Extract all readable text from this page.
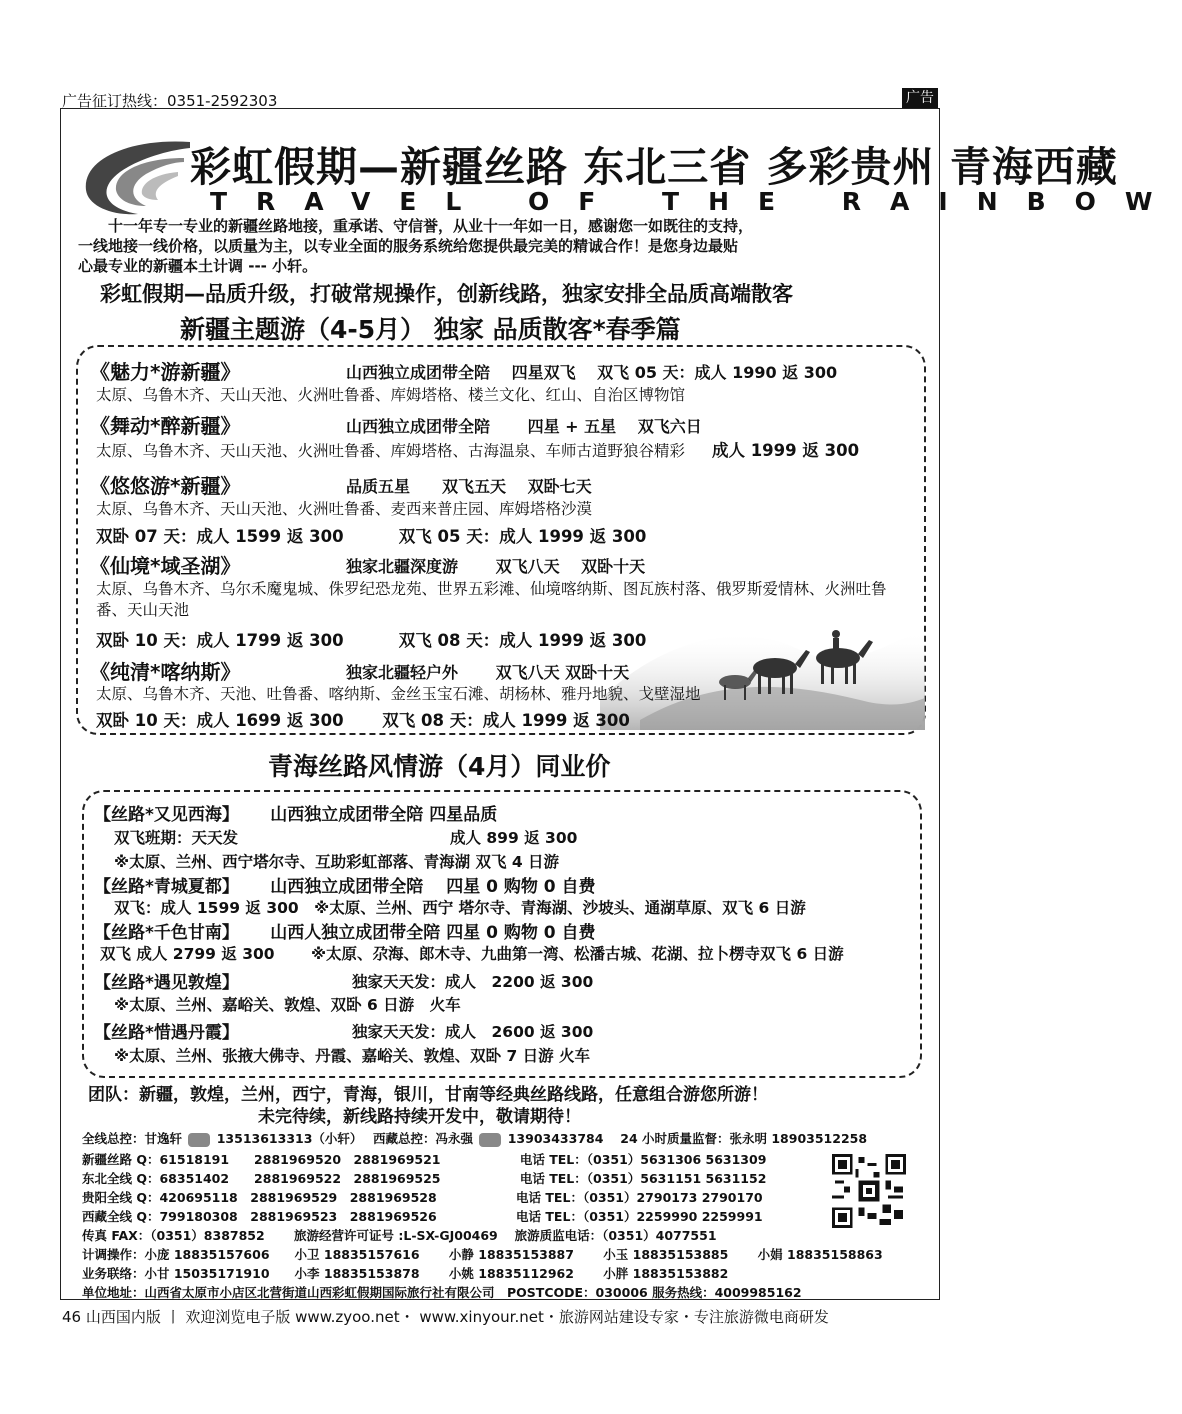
广告征订热线：0351-2592303	广告
彩虹假期—新疆丝路 东北三省 多彩贵州 青海西藏
TRAVEL OF THE RAINBOW

十一年专一专业的新疆丝路地接，重承诺、守信誉，从业十一年如一日，感谢您一如既往的支持，

一线地接一线价格，以质量为主，以专业全面的服务系统给您提供最完美的精诚合作！是您身边最贴

心最专业的新疆本土计调 --- 小轩。

彩虹假期—品质升级，打破常规操作，创新线路，独家安排全品质高端散客
新疆主题游（4-5月） 独家 品质散客*春季篇
《魅力*游新疆》	山西独立成团带全陪　 四星双飞　 双飞 05 天：成人 1990 返 300
太原、乌鲁木齐、天山天池、火洲吐鲁番、库姆塔格、楼兰文化、红山、自治区博物馆
《舞动*醉新疆》	山西独立成团带全陪　　 四星 + 五星　 双飞六日
太原、乌鲁木齐、天山天池、火洲吐鲁番、库姆塔格、古海温泉、车师古道野狼谷精彩 成人 1999 返 300
《悠悠游*新疆》	品质五星　　双飞五天　 双卧七天
太原、乌鲁木齐、天山天池、火洲吐鲁番、麦西来普庄园、库姆塔格沙漠
双卧 07 天：成人 1599 返 300　　　 双飞 05 天：成人 1999 返 300
《仙境*域圣湖》	独家北疆深度游　　 双飞八天　 双卧十天
太原、乌鲁木齐、乌尔禾魔鬼城、侏罗纪恐龙苑、世界五彩滩、仙境喀纳斯、图瓦族村落、俄罗斯爱情林、火洲吐鲁番、天山天池
双卧 10 天：成人 1799 返 300　　　 双飞 08 天：成人 1999 返 300
《纯清*喀纳斯》	独家北疆轻户外　　 双飞八天 双卧十天
太原、乌鲁木齐、天池、吐鲁番、喀纳斯、金丝玉宝石滩、胡杨林、雅丹地貌、戈壁湿地
双卧 10 天：成人 1699 返 300　　 双飞 08 天：成人 1999 返 300
青海丝路风情游（4月）同业价
【丝路*又见西海】　　 山西独立成团带全陪 四星品质
双飞班期：天天发	成人 899 返 300
※太原、兰州、西宁塔尔寺、互助彩虹部落、青海湖 双飞 4 日游
【丝路*青城夏都】　　 山西独立成团带全陪　 四星 0 购物 0 自费
双飞：成人 1599 返 300　※太原、兰州、西宁 塔尔寺、青海湖、沙坡头、通湖草原、双飞 6 日游
【丝路*千色甘南】　　 山西人独立成团带全陪 四星 0 购物 0 自费
双飞 成人 2799 返 300　　 ※太原、尕海、郎木寺、九曲第一湾、松潘古城、花湖、拉卜楞寺双飞 6 日游
【丝路*遇见敦煌】	独家天天发：成人　2200 返 300
※太原、兰州、嘉峪关、敦煌、双卧 6 日游　火车
【丝路*惜遇丹霞】	独家天天发：成人　2600 返 300
※太原、兰州、张掖大佛寺、丹霞、嘉峪关、敦煌、双卧 7 日游 火车
团队：新疆，敦煌，兰州，西宁，青海，银川，甘南等经典丝路线路，任意组合游您所游！
未完待续，新线路持续开发中，敬请期待！
全线总控：甘逸轩	13513613313（小轩）　 西藏总控：冯永强	13903433784　 24 小时质量监督：张永明 18903512258
新疆丝路 Q：61518191　　2881969520　2881969521　　　　　　 电话 TEL：（0351）5631306 5631309
东北全线 Q：68351402　　2881969522　2881969525　　　　　　 电话 TEL：（0351）5631151 5631152
贵阳全线 Q：420695118　2881969529　2881969528　　　　　　 电话 TEL：（0351）2790173 2790170
西藏全线 Q：799180308　2881969523　2881969526　　　　　　 电话 TEL：（0351）2259990 2259991
传真 FAX：（0351）8387852　　 旅游经营许可证号 :L-SX-GJ00469　 旅游质监电话：（0351）4077551
计调操作：小庞 18835157606　　小卫 18835157616　　 小静 18835153887　　 小玉 18835153885　　 小娟 18835158863
业务联络：小甘 15035171910　　小李 18835153878　　 小姚 18835112962　　 小胖 18835153882
单位地址：山西省太原市小店区北营街道山西彩虹假期国际旅行社有限公司　POSTCODE：030006 服务热线：4009985162
46 山西国内版 丨 欢迎浏览电子版 www.zyoo.net・ www.xinyour.net・旅游网站建设专家・专注旅游微电商研发
